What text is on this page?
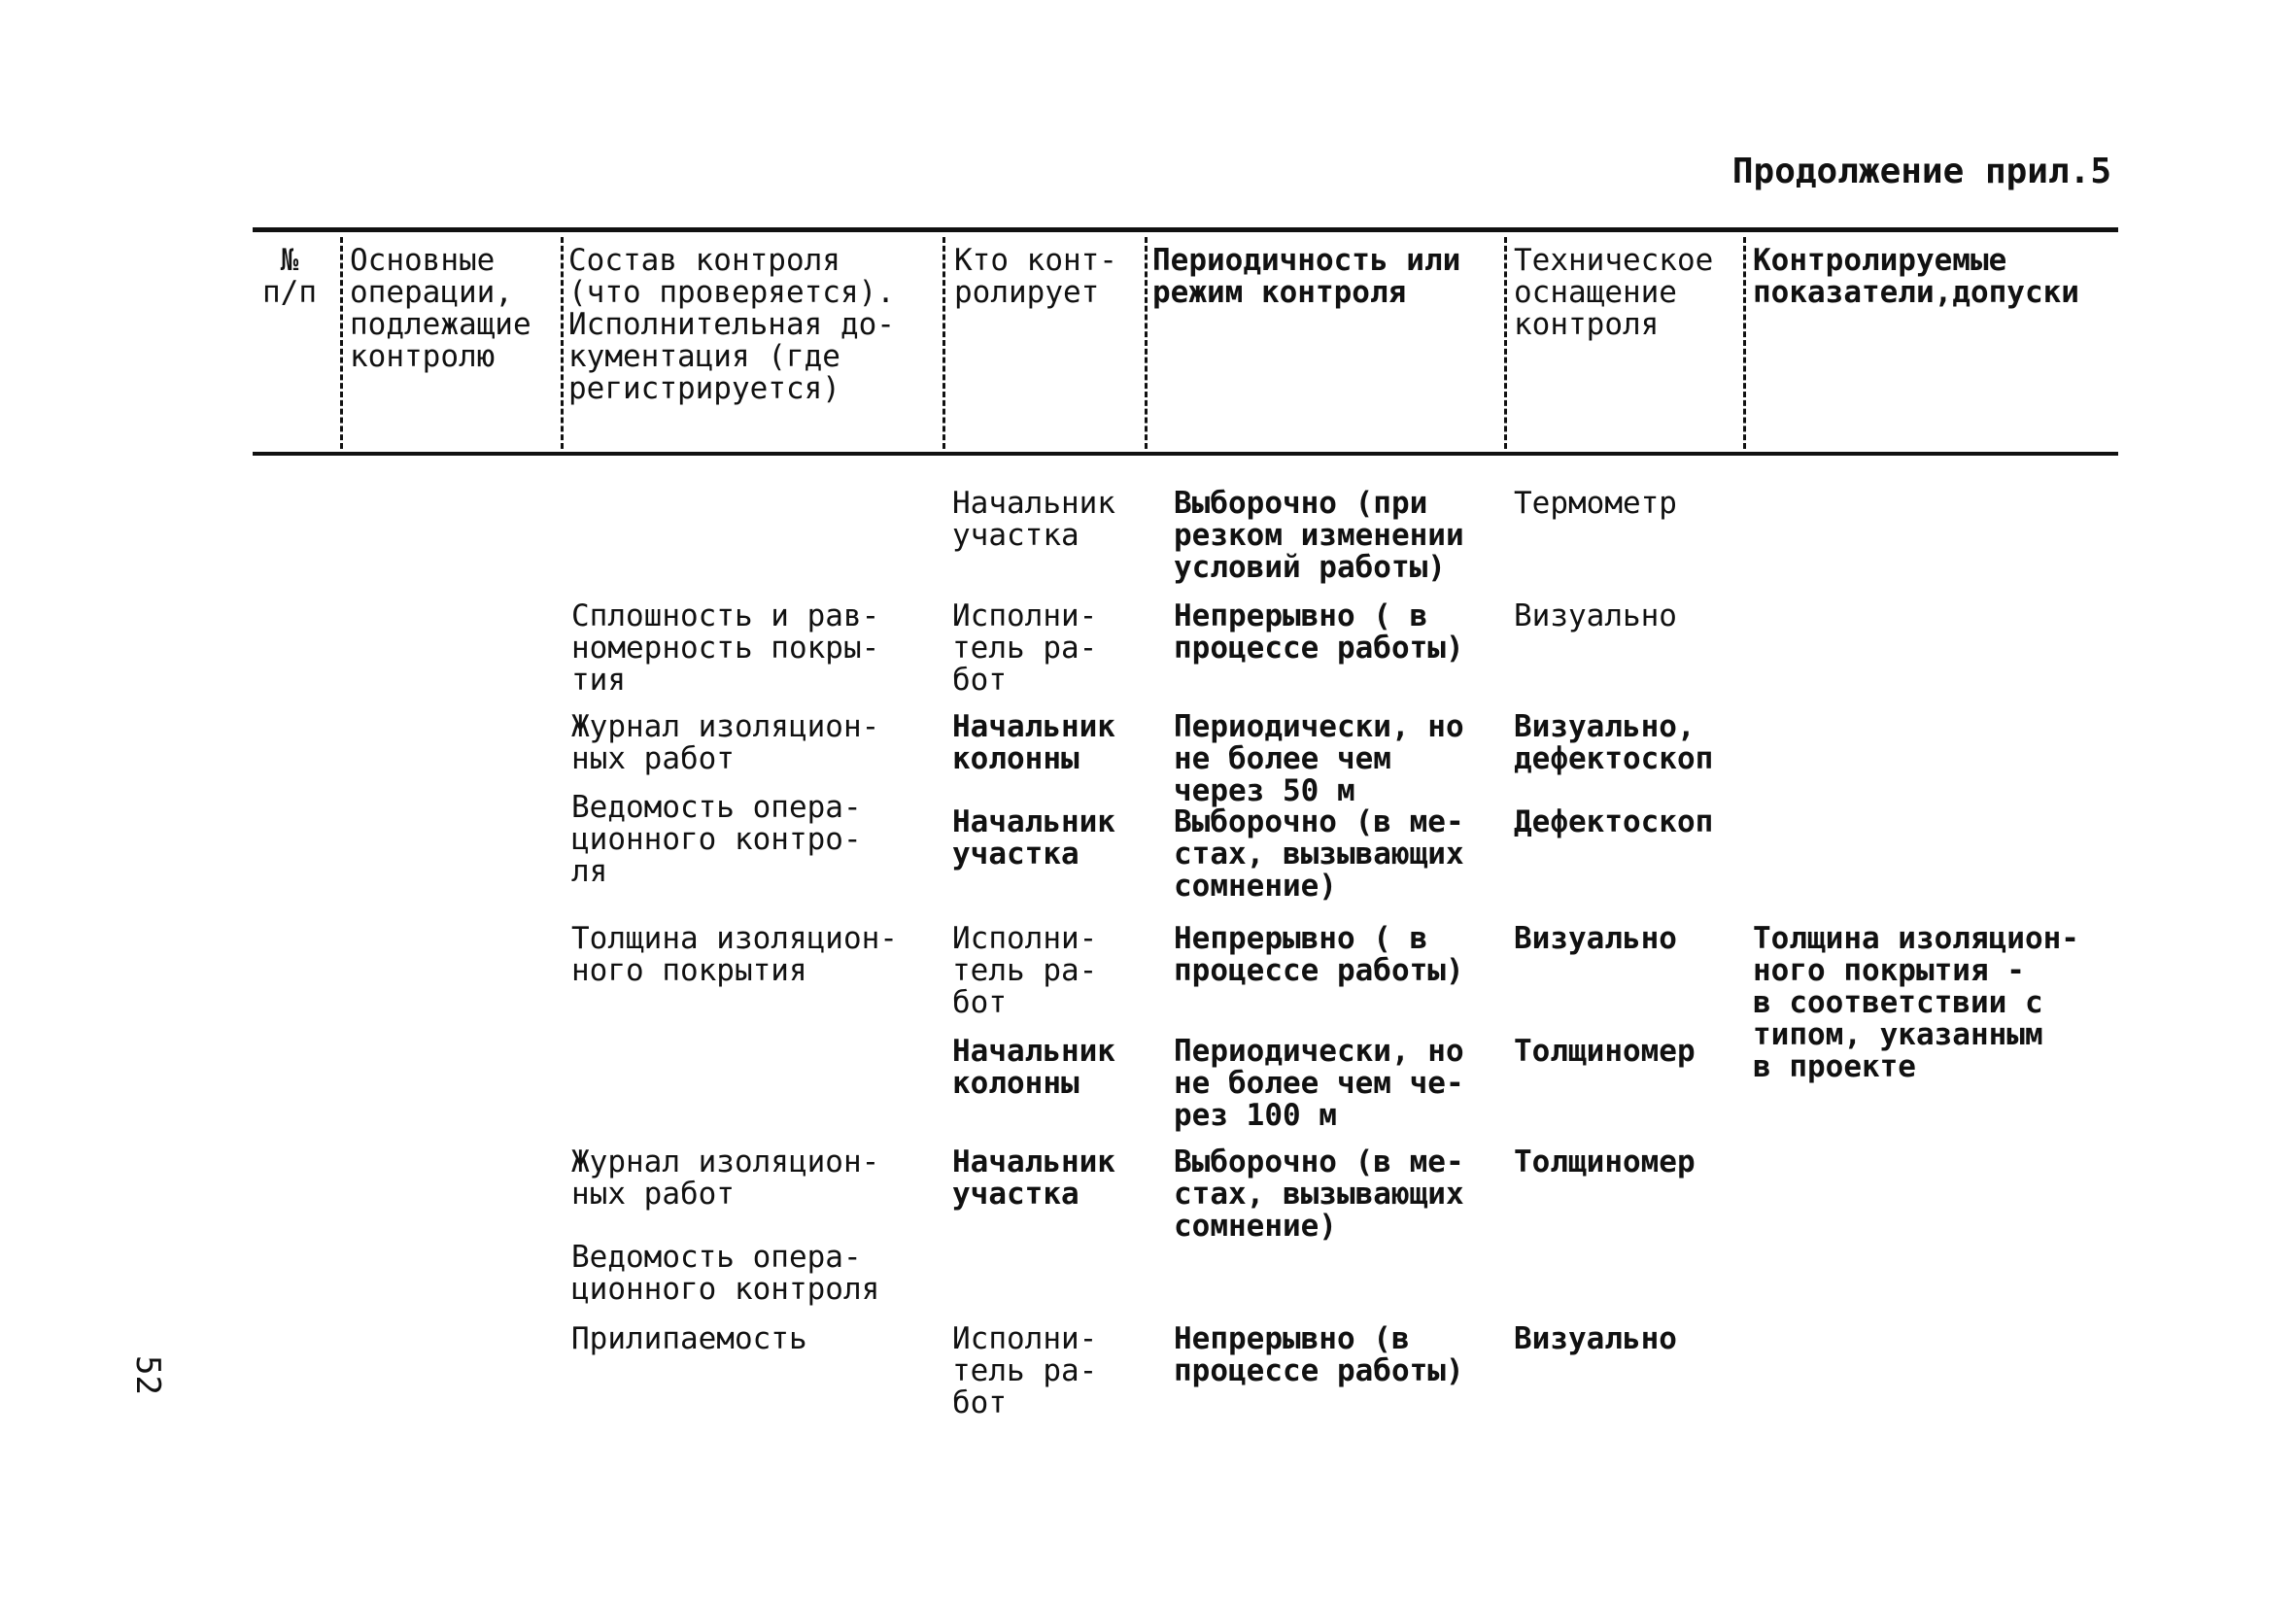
Продолжение прил.5
№
п/п
Основные
операции,
подлежащие
контролю
Состав контроля
(что проверяется).
Исполнительная до-
кументация (где
регистрируется)
Кто конт-
ролирует
Периодичность или
режим контроля
Техническое
оснащение
контроля
Контролируемые
показатели,допуски
Начальник
участка
Выборочно (при
резком изменении
условий работы)
Термометр
Сплошность и рав-
номерность покры-
тия
Исполни-
тель ра-
бот
Непрерывно ( в
процессе работы)
Визуально
Журнал изоляцион-
ных работ
Начальник
колонны
Периодически, но
не более чем
через 50 м
Визуально,
дефектоскоп
Ведомость опера-
ционного контро-
ля
Начальник
участка
Выборочно (в ме-
стах, вызывающих
сомнение)
Дефектоскоп
Толщина изоляцион-
ного покрытия
Исполни-
тель ра-
бот
Непрерывно ( в
процессе работы)
Визуально	Толщина изоляцион-
ного покрытия -
в соответствии с
типом, указанным
в проекте
Начальник
колонны
Периодически, но
не более чем че-
рез 100 м
Толщиномер
Журнал изоляцион-
ных работ
Начальник
участка
Выборочно (в ме-
стах, вызывающих
сомнение)
Толщиномер
Ведомость опера-
ционного контроля
Прилипаемость	Исполни-
тель ра-
бот
Непрерывно (в
процессе работы)
Визуально
52
